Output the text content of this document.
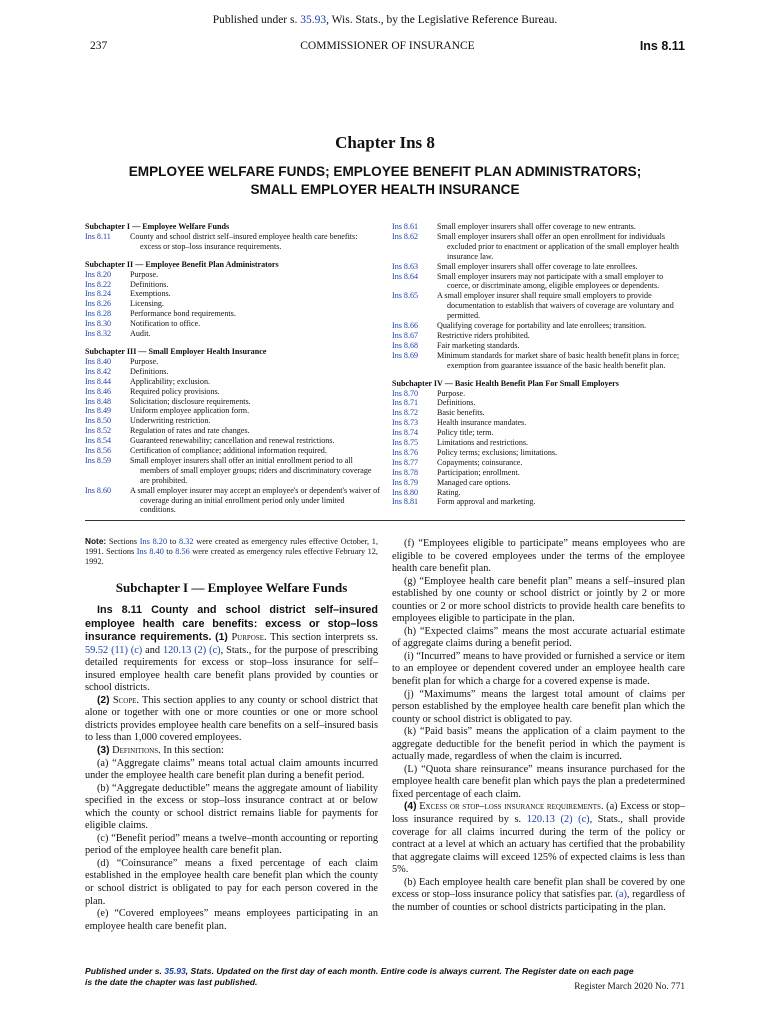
Published under s. 35.93, Wis. Stats., by the Legislative Reference Bureau.
237	COMMISSIONER OF INSURANCE	Ins 8.11
Chapter Ins 8
EMPLOYEE WELFARE FUNDS; EMPLOYEE BENEFIT PLAN ADMINISTRATORS;
SMALL EMPLOYER HEALTH INSURANCE
Subchapter I — Employee Welfare Funds
Ins 8.11	County and school district self–insured employee health care benefits: excess or stop–loss insurance requirements.
Subchapter II — Employee Benefit Plan Administrators
Ins 8.20	Purpose.
Ins 8.22	Definitions.
Ins 8.24	Exemptions.
Ins 8.26	Licensing.
Ins 8.28	Performance bond requirements.
Ins 8.30	Notification to office.
Ins 8.32	Audit.
Subchapter III — Small Employer Health Insurance
Ins 8.40	Purpose.
Ins 8.42	Definitions.
Ins 8.44	Applicability; exclusion.
Ins 8.46	Required policy provisions.
Ins 8.48	Solicitation; disclosure requirements.
Ins 8.49	Uniform employee application form.
Ins 8.50	Underwriting restriction.
Ins 8.52	Regulation of rates and rate changes.
Ins 8.54	Guaranteed renewability; cancellation and renewal restrictions.
Ins 8.56	Certification of compliance; additional information required.
Ins 8.59	Small employer insurers shall offer an initial enrollment period to all members of small employer groups; riders and discriminatory coverage are prohibited.
Ins 8.60	A small employer insurer may accept an employee's or dependent's waiver of coverage during an initial enrollment period only under limited conditions.
Ins 8.61	Small employer insurers shall offer coverage to new entrants.
Ins 8.62	Small employer insurers shall offer an open enrollment for individuals excluded prior to enactment or application of the small employer health insurance law.
Ins 8.63	Small employer insurers shall offer coverage to late enrollees.
Ins 8.64	Small employer insurers may not participate with a small employer to coerce, or discriminate among, eligible employees or dependents.
Ins 8.65	A small employer insurer shall require small employers to provide documentation to establish that waivers of coverage are voluntary and permitted.
Ins 8.66	Qualifying coverage for portability and late enrollees; transition.
Ins 8.67	Restrictive riders prohibited.
Ins 8.68	Fair marketing standards.
Ins 8.69	Minimum standards for market share of basic health benefit plans in force; exemption from guarantee issuance of the basic health benefit plan.
Subchapter IV — Basic Health Benefit Plan For Small Employers
Ins 8.70	Purpose.
Ins 8.71	Definitions.
Ins 8.72	Basic benefits.
Ins 8.73	Health insurance mandates.
Ins 8.74	Policy title; term.
Ins 8.75	Limitations and restrictions.
Ins 8.76	Policy terms; exclusions; limitations.
Ins 8.77	Copayments; coinsurance.
Ins 8.78	Participation; enrollment.
Ins 8.79	Managed care options.
Ins 8.80	Rating.
Ins 8.81	Form approval and marketing.
Note: Sections Ins 8.20 to 8.32 were created as emergency rules effective October, 1, 1991. Sections Ins 8.40 to 8.56 were created as emergency rules effective February 12, 1992.
Subchapter I — Employee Welfare Funds

Ins 8.11 County and school district self–insured employee health care benefits: excess or stop–loss insurance requirements. (1) Purpose. This section interprets ss. 59.52 (11) (c) and 120.13 (2) (c), Stats., for the purpose of prescribing detailed requirements for excess or stop–loss insurance for self–insured employee health care benefit plans provided by counties or school districts.

(2) Scope. This section applies to any county or school district that alone or together with one or more counties or one or more school districts provides employee health care benefits on a self–insured basis to less than 1,000 covered employees.

(3) Definitions. In this section:

(a) “Aggregate claims” means total actual claim amounts incurred under the employee health care benefit plan during a benefit period.

(b) “Aggregate deductible” means the aggregate amount of liability specified in the excess or stop–loss insurance contract at or below which the county or school district remains liable for payments for eligible claims.

(c) “Benefit period” means a twelve–month accounting or reporting period of the employee health care benefit plan.

(d) “Coinsurance” means a fixed percentage of each claim established in the employee health care benefit plan which the county or school district is obligated to pay for each person covered in the plan.

(e) “Covered employees” means employees participating in an employee health care benefit plan.

(f) “Employees eligible to participate” means employees who are eligible to be covered employees under the terms of the employee health care benefit plan.

(g) “Employee health care benefit plan” means a self–insured plan established by one county or school district or jointly by 2 or more counties or 2 or more school districts to provide health care benefits to employees eligible to participate in the plan.

(h) “Expected claims” means the most accurate actuarial estimate of aggregate claims during a benefit period.

(i) “Incurred” means to have provided or furnished a service or item to an employee or dependent covered under an employee health care benefit plan for which a charge for a covered expense is made.

(j) “Maximums” means the largest total amount of claims per person established by the employee health care benefit plan which the county or school district is obligated to pay.

(k) “Paid basis” means the application of a claim payment to the aggregate deductible for the benefit period in which the payment is actually made, regardless of when the claim is incurred.

(L) “Quota share reinsurance” means insurance purchased for the employee health care benefit plan which pays the plan a predetermined fixed percentage of each claim.

(4) Excess or stop–loss insurance requirements. (a) Excess or stop–loss insurance required by s. 120.13 (2) (c), Stats., shall provide coverage for all claims incurred during the term of the policy or contract at a level at which an actuary has certified that the probability that aggregate claims will exceed 125% of expected claims is less than 5%.

(b) Each employee health care benefit plan shall be covered by one excess or stop–loss insurance policy that satisfies par. (a), regardless of the number of counties or school districts participating in the plan.

Published under s. 35.93, Stats. Updated on the first day of each month. Entire code is always current. The Register date on each page
is the date the chapter was last published.	Register March 2020 No. 771
